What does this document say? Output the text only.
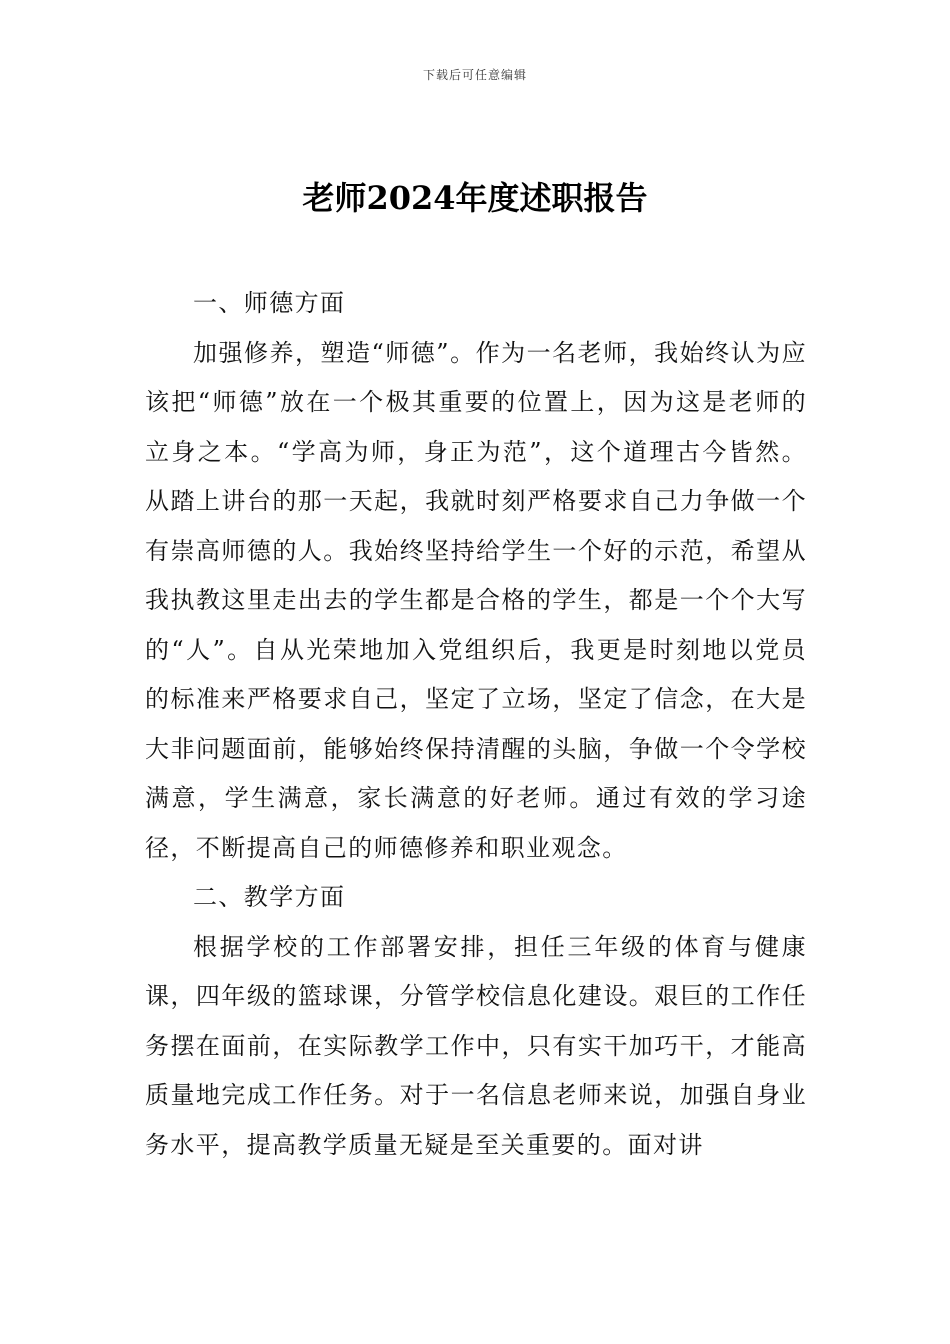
下载后可任意编辑
老师2024年度述职报告

一、师德方面

加强修养，塑造“师德”。作为一名老师，我始终认为应该把“师德”放在一个极其重要的位置上，因为这是老师的立身之本。“学高为师，身正为范”，这个道理古今皆然。从踏上讲台的那一天起，我就时刻严格要求自己力争做一个有崇高师德的人。我始终坚持给学生一个好的示范，希望从我执教这里走出去的学生都是合格的学生，都是一个个大写的“人”。自从光荣地加入党组织后，我更是时刻地以党员的标准来严格要求自己，坚定了立场，坚定了信念，在大是大非问题面前，能够始终保持清醒的头脑，争做一个令学校满意，学生满意，家长满意的好老师。通过有效的学习途径，不断提高自己的师德修养和职业观念。

二、教学方面

根据学校的工作部署安排，担任三年级的体育与健康课，四年级的篮球课，分管学校信息化建设。艰巨的工作任务摆在面前，在实际教学工作中，只有实干加巧干，才能高质量地完成工作任务。对于一名信息老师来说，加强自身业务水平，提高教学质量无疑是至关重要的。面对讲
